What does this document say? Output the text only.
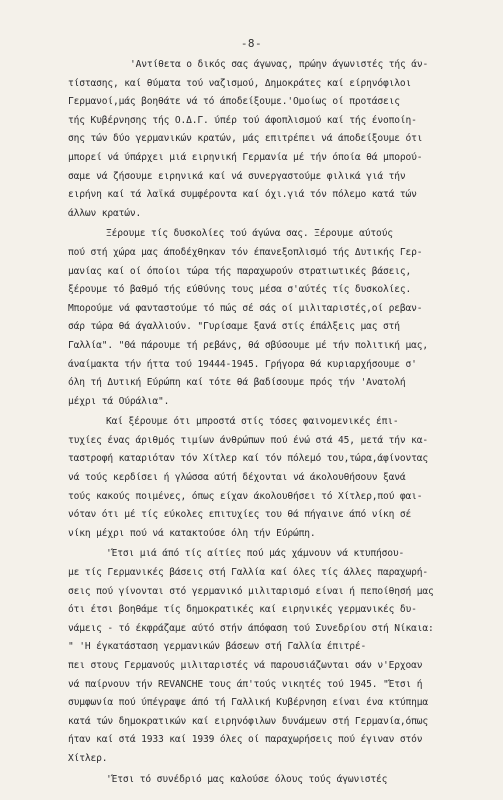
-8-
'Αντίθετα ο δικός σας άγωνας, πρώην άγωνιστές τής άν-
τίστασης, καί θύματα τού ναζισμού, Δημοκράτες καί είρηνόφιλοι
Γερμανοί,μάς βοηθάτε νά τό άποδείξουμε.'Ομοίως οί προτάσεις
τής Κυβέρνησης τής Ο.Δ.Γ. ύπέρ τού άφοπλισμού καί τής ένοποίη-
σης τών δύο γερμανικών κρατών, μάς επιτρέπει νά άποδείξουμε ότι
μπορεί νά ύπάρχει μιά ειρηνική Γερμανία μέ τήν όποία θά μπορού-
σαμε νά ζήσουμε ειρηνικά καί νά συνεργαστούμε φιλικά γιά τήν
ειρήνη καί τά λαϊκά συμφέροντα καί όχι.γιά τόν πόλεμο κατά τών
άλλων κρατών.
Ξέρουμε τίς δυσκολίες τού άγώνα σας. Ξέρουμε αύτούς
πού στή χώρα μας άποδέχθηκαν τόν έπανεξοπλισμό τής Δυτικής Γερ-
μανίας καί οί όποίοι τώρα τής παραχωρούν στρατιωτικές βάσεις,
ξέρουμε τό βαθμό τής εύθύνης τους μέσα σ'αύτές τίς δυσκολίες.
Μπορούμε νά φανταστούμε τό πώς σέ σάς οί μιλιταριστές,οί ρεβαν-
σάρ τώρα θά άγαλλιούν. "Γυρίσαμε ξανά στίς έπάλξεις μας στή
Γαλλία". "Θά πάρουμε τή ρεβάνς, θά σβύσουμε μέ τήν πολιτική μας,
άναίμακτα τήν ήττα τού 19444-1945. Γρήγορα θά κυριαρχήσουμε σ'
όλη τή Δυτική Εύρώπη καί τότε θά βαδίσουμε πρός τήν 'Ανατολή
μέχρι τά Ούράλια".
Καί ξέρουμε ότι μπροστά στίς τόσες φαινομενικές έπι-
τυχίες ένας άριθμός τιμίων άνθρώπων πού ένώ στά 45, μετά τήν κα-
ταστροφή καταριόταν τόν Χίτλερ καί τόν πόλεμό του,τώρα,άφίνοντας
νά τούς κερδίσει ή γλώσσα αύτή δέχονται νά άκολουθήσουν ξανά
τούς κακούς ποιμένες, όπως είχαν άκολουθήσει τό Χίτλερ,πού φαι-
νόταν ότι μέ τίς εύκολες επιτυχίες του θά πήγαινε άπό νίκη σέ
νίκη μέχρι πού νά κατακτούσε όλη τήν Εύρώπη.
'Έτσι μιά άπό τίς αίτίες πού μάς χάμνουν νά κτυπήσου-
με τίς Γερμανικές βάσεις στή Γαλλία καί όλες τίς άλλες παραχωρή-
σεις πού γίνονται στό γερμανικό μιλιταρισμό είναι ή πεποίθησή μας
ότι έτσι βοηθάμε τίς δημοκρατικές καί ειρηνικές γερμανικές δυ-
νάμεις - τό έκφράζαμε αύτό στήν άπόφαση τού Συνεδρίου στή Νίκαια:
" 'Η έγκατάσταση γερμανικών βάσεων στή Γαλλία έπιτρέ-
πει στους Γερμανούς μιλιταριστές νά παρουσιάζωνται σάν ν'Ερχοαν
νά παίρνουν τήν REVANCHE τους άπ'τούς νικητές τού 1945. "Έτσι ή
συμφωνία πού ύπέγραψε άπό τή Γαλλική Κυβέρνηση είναι ένα κτύπημα
κατά τών δημοκρατικών καί ειρηνόφιλων δυνάμεων στή Γερμανία,όπως
ήταν καί στά 1933 καί 1939 όλες οί παραχωρήσεις πού έγιναν στόν
Χίτλερ.
'Έτσι τό συνέδριό μας καλούσε όλους τούς άγωνιστές
